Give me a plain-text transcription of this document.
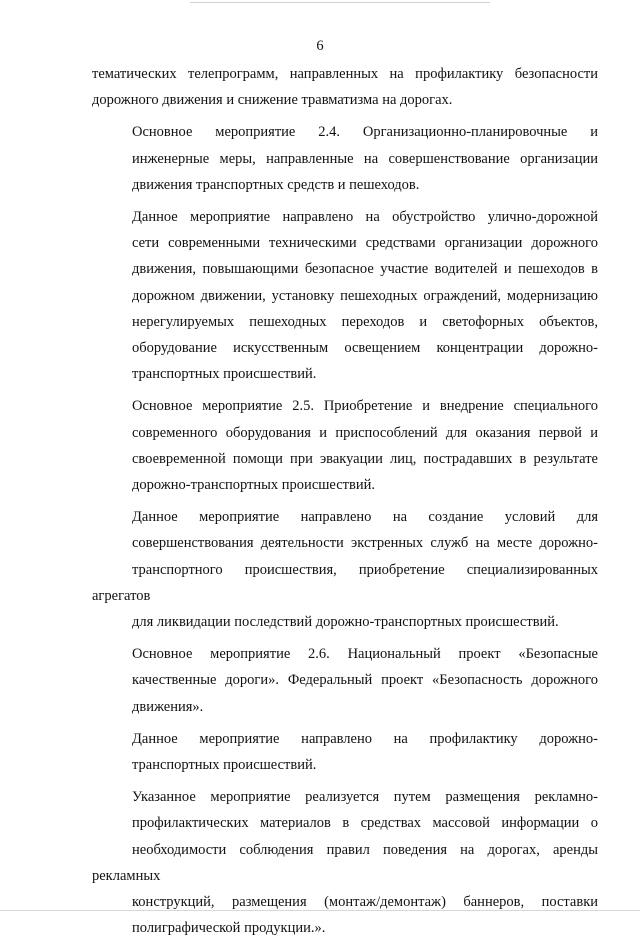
6

тематических телепрограмм, направленных на профилактику безопасности
дорожного движения и снижение травматизма на дорогах.

Основное мероприятие 2.4. Организационно-планировочные и
инженерные меры, направленные на совершенствование организации
движения транспортных средств и пешеходов.

Данное мероприятие направлено на обустройство улично-дорожной
сети современными техническими средствами организации дорожного
движения, повышающими безопасное участие водителей и пешеходов в
дорожном движении, установку пешеходных ограждений, модернизацию
нерегулируемых пешеходных переходов и светофорных объектов,
оборудование искусственным освещением концентрации дорожно-
транспортных происшествий.

Основное мероприятие 2.5. Приобретение и внедрение специального
современного оборудования и приспособлений для оказания первой и
своевременной помощи при эвакуации лиц, пострадавших в результате
дорожно-транспортных происшествий.

Данное мероприятие направлено на создание условий для
совершенствования деятельности экстренных служб на месте дорожно-
транспортного происшествия, приобретение специализированных агрегатов
для ликвидации последствий дорожно-транспортных происшествий.

Основное мероприятие 2.6. Национальный проект «Безопасные
качественные дороги». Федеральный проект «Безопасность дорожного
движения».

Данное мероприятие направлено на профилактику дорожно-
транспортных происшествий.

Указанное мероприятие реализуется путем размещения рекламно-
профилактических материалов в средствах массовой информации о
необходимости соблюдения правил поведения на дорогах, аренды рекламных
конструкций, размещения (монтаж/демонтаж) баннеров, поставки
полиграфической продукции.».
